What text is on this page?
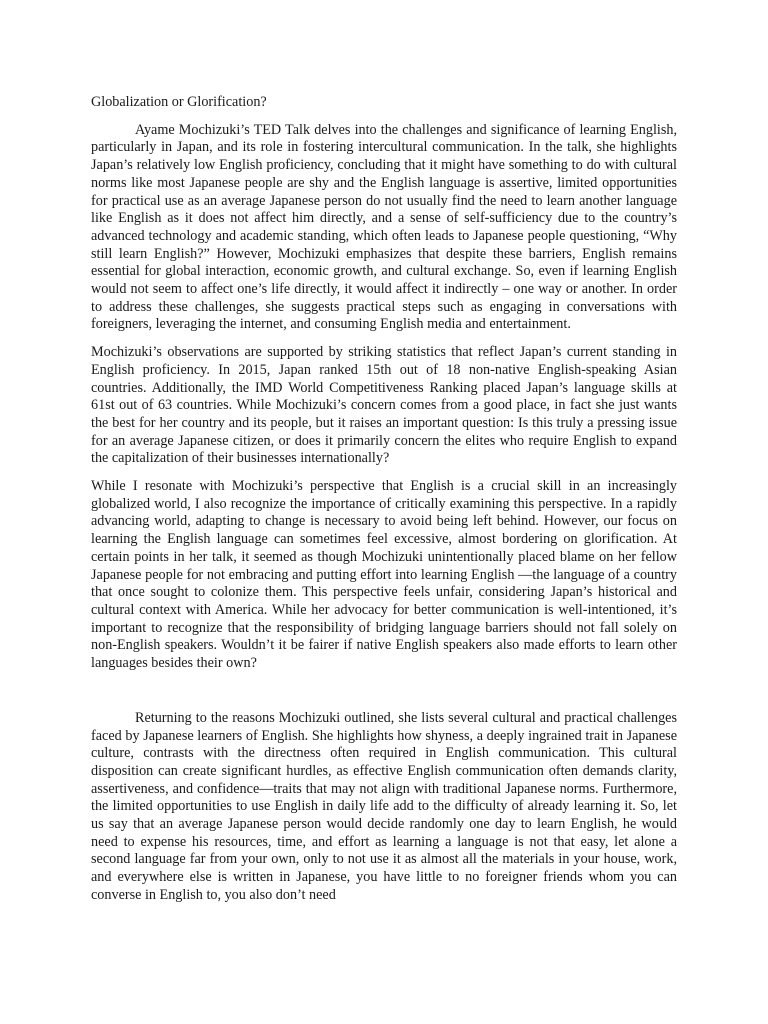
Globalization or Glorification?

Ayame Mochizuki’s TED Talk delves into the challenges and significance of learning English, particularly in Japan, and its role in fostering intercultural communication. In the talk, she highlights Japan’s relatively low English proficiency, concluding that it might have something to do with cultural norms like most Japanese people are shy and the English language is assertive, limited opportunities for practical use as an average Japanese person do not usually find the need to learn another language like English as it does not affect him directly, and a sense of self-sufficiency due to the country’s advanced technology and academic standing, which often leads to Japanese people questioning, “Why still learn English?” However, Mochizuki emphasizes that despite these barriers, English remains essential for global interaction, economic growth, and cultural exchange. So, even if learning English would not seem to affect one’s life directly, it would affect it indirectly – one way or another. In order to address these challenges, she suggests practical steps such as engaging in conversations with foreigners, leveraging the internet, and consuming English media and entertainment.

Mochizuki’s observations are supported by striking statistics that reflect Japan’s current standing in English proficiency. In 2015, Japan ranked 15th out of 18 non-native English-speaking Asian countries. Additionally, the IMD World Competitiveness Ranking placed Japan’s language skills at 61st out of 63 countries. While Mochizuki’s concern comes from a good place, in fact she just wants the best for her country and its people, but it raises an important question: Is this truly a pressing issue for an average Japanese citizen, or does it primarily concern the elites who require English to expand the capitalization of their businesses internationally?

While I resonate with Mochizuki’s perspective that English is a crucial skill in an increasingly globalized world, I also recognize the importance of critically examining this perspective. In a rapidly advancing world, adapting to change is necessary to avoid being left behind. However, our focus on learning the English language can sometimes feel excessive, almost bordering on glorification. At certain points in her talk, it seemed as though Mochizuki unintentionally placed blame on her fellow Japanese people for not embracing and putting effort into learning English —the language of a country that once sought to colonize them. This perspective feels unfair, considering Japan’s historical and cultural context with America. While her advocacy for better communication is well-intentioned, it’s important to recognize that the responsibility of bridging language barriers should not fall solely on non-English speakers. Wouldn’t it be fairer if native English speakers also made efforts to learn other languages besides their own?

Returning to the reasons Mochizuki outlined, she lists several cultural and practical challenges faced by Japanese learners of English. She highlights how shyness, a deeply ingrained trait in Japanese culture, contrasts with the directness often required in English communication. This cultural disposition can create significant hurdles, as effective English communication often demands clarity, assertiveness, and confidence—traits that may not align with traditional Japanese norms. Furthermore, the limited opportunities to use English in daily life add to the difficulty of already learning it. So, let us say that an average Japanese person would decide randomly one day to learn English, he would need to expense his resources, time, and effort as learning a language is not that easy, let alone a second language far from your own, only to not use it as almost all the materials in your house, work, and everywhere else is written in Japanese, you have little to no foreigner friends whom you can converse in English to, you also don’t need
